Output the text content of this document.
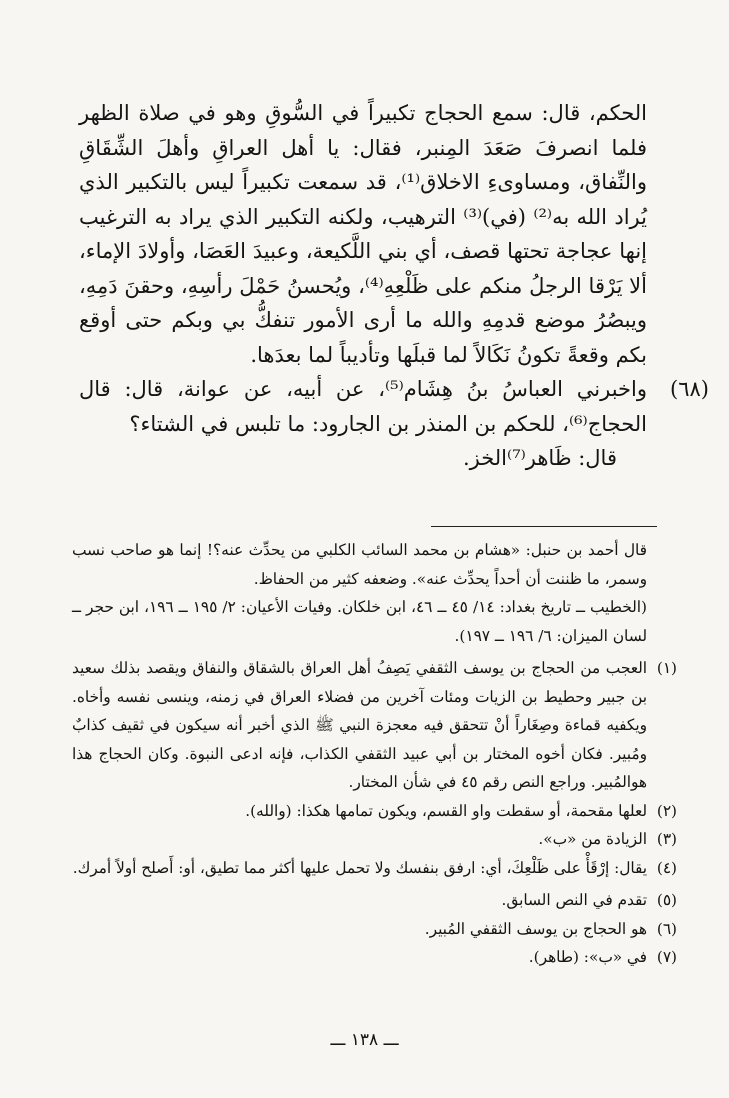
الحكم، قال: سمع الحجاج تكبيراً في السُّوقِ وهو في صلاة الظهر فلما انصرفَ صَعَدَ المِنبر، فقال: يا أهل العراقِ وأهلَ الشِّقَاقِ والنِّفاق، ومساوىءِ الاخلاق⁽¹⁾، قد سمعت تكبيراً ليس بالتكبير الذي يُراد الله به⁽²⁾ (في)⁽³⁾ الترهيب، ولكنه التكبير الذي يراد به الترغيب إنها عجاجة تحتها قصف، أي بني اللَّكيعة، وعبيدَ العَصَا، وأولادَ الإماء، ألا يَرْقا الرجلُ منكم على ظَلْعِهِ⁽⁴⁾، ويُحسنُ حَمْلَ رأسِهِ، وحقنَ دَمِهِ، ويبصُرُ موضع قدمِهِ والله ما أرى الأمور تنفكُّ بي وبكم حتى أوقع بكم وقعةً تكونُ نَكَالاً لما قبلَها وتأديباً لما بعدَها.

(٦٨)

واخبرني العباسُ بنُ هِشَام⁽⁵⁾، عن أبيه، عن عوانة، قال: قال الحجاج⁽⁶⁾، للحكم بن المنذر بن الجارود: ما تلبس في الشتاء؟

قال: ظَاهر⁽⁷⁾الخز.

قال أحمد بن حنبل: «هشام بن محمد السائب الكلبي من يحدِّث عنه؟! إنما هو صاحب نسب وسمر، ما ظننت أن أحداً يحدِّث عنه». وضعفه كثير من الحفاظ.

(الخطيب ــ تاريخ بغداد: ١٤/ ٤٥ ــ ٤٦، ابن خلكان. وفيات الأعيان: ٢/ ١٩٥ ــ ١٩٦، ابن حجر ــ لسان الميزان: ٦/ ١٩٦ ــ ١٩٧).

(١)
العجب من الحجاج بن يوسف الثقفي يَصِفُ أهل العراق بالشقاق والنفاق ويقصد بذلك سعيد بن جبير وحطيط بن الزيات ومئات آخرين من فضلاء العراق في زمنه، وينسى نفسه وأخاه. ويكفيه قماءة وصِغَاراً أنْ تتحقق فيه معجزة النبي ﷺ الذي أخبر أنه سيكون في ثقيف كذابٌ ومُبير. فكان أخوه المختار بن أبي عبيد الثقفي الكذاب، فإنه ادعى النبوة. وكان الحجاج هذا هوالمُبير. وراجع النص رقم ٤٥ في شأن المختار.
(٢)
لعلها مقحمة، أو سقطت واو القسم، ويكون تمامها هكذا: (والله).
(٣)
الزيادة من «ب».
(٤)
يقال: إرْقَأْ على ظَلْعِكَ، أي: ارفق بنفسك ولا تحمل عليها أكثر مما تطيق، أو: أَصلح أولاً أمرك.
(٥)
تقدم في النص السابق.
(٦)
هو الحجاج بن يوسف الثقفي المُبير.
(٧)
في «ب»: (طاهر).
ـــ ١٣٨ ـــ
